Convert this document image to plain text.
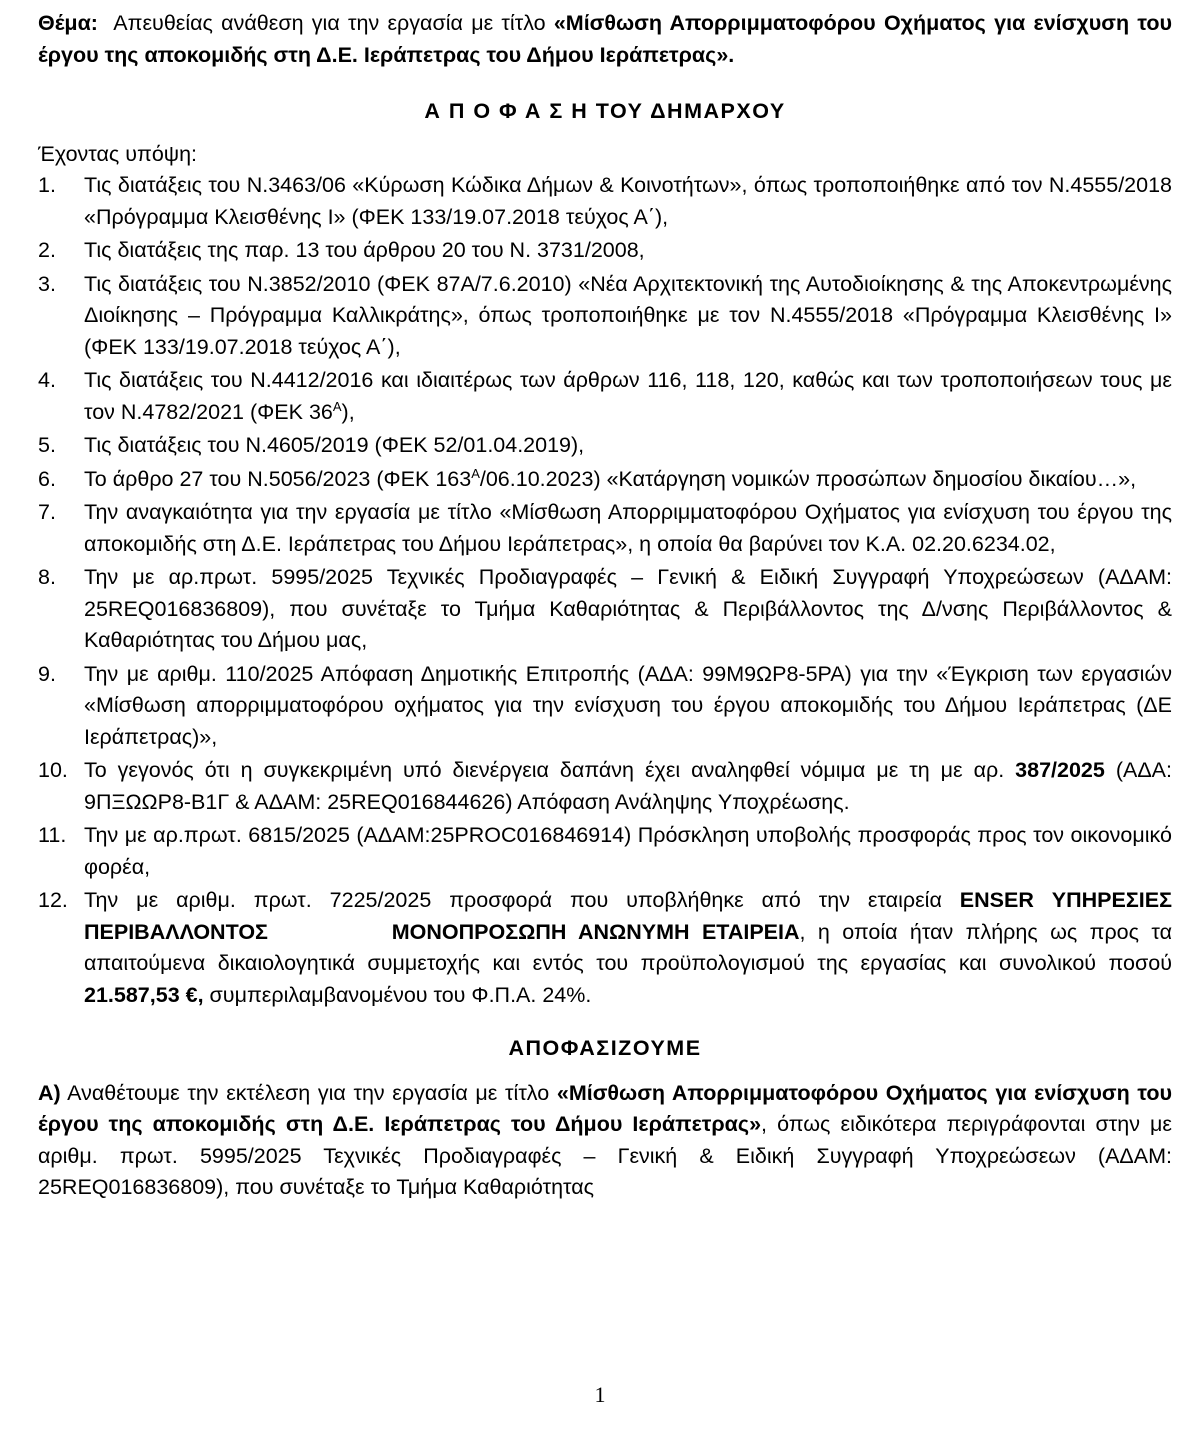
Θέμα: Απευθείας ανάθεση για την εργασία με τίτλο «Μίσθωση Απορριμματοφόρου Οχήματος για ενίσχυση του έργου της αποκομιδής στη Δ.Ε. Ιεράπετρας του Δήμου Ιεράπετρας».

Α Π Ο Φ Α Σ Η ΤΟΥ ΔΗΜΑΡΧΟΥ

Έχοντας υπόψη:

1.	Τις διατάξεις του Ν.3463/06 «Κύρωση Κώδικα Δήμων & Κοινοτήτων», όπως τροποποιήθηκε από τον Ν.4555/2018 «Πρόγραμμα Κλεισθένης Ι» (ΦΕΚ 133/19.07.2018 τεύχος Α΄),
2.	Τις διατάξεις της παρ. 13 του άρθρου 20 του Ν. 3731/2008,
3.	Τις διατάξεις του Ν.3852/2010 (ΦΕΚ 87Α/7.6.2010) «Νέα Αρχιτεκτονική της Αυτοδιοίκησης & της Αποκεντρωμένης Διοίκησης – Πρόγραμμα Καλλικράτης», όπως τροποποιήθηκε με τον Ν.4555/2018 «Πρόγραμμα Κλεισθένης Ι» (ΦΕΚ 133/19.07.2018 τεύχος Α΄),
4.	Τις διατάξεις του Ν.4412/2016 και ιδιαιτέρως των άρθρων 116, 118, 120, καθώς και των τροποποιήσεων τους με τον Ν.4782/2021 (ΦΕΚ $36^A$),
5.	Τις διατάξεις του Ν.4605/2019 (ΦΕΚ 52/01.04.2019),
6.	Το άρθρο 27 του Ν.5056/2023 (ΦΕΚ $163^A/06.10.2023$) «Κατάργηση νομικών προσώπων δημοσίου δικαίου…»,
7.	Την αναγκαιότητα για την εργασία με τίτλο «Μίσθωση Απορριμματοφόρου Οχήματος για ενίσχυση του έργου της αποκομιδής στη Δ.Ε. Ιεράπετρας του Δήμου Ιεράπετρας», η οποία θα βαρύνει τον Κ.Α. 02.20.6234.02,
8.	Την με αρ.πρωτ. 5995/2025 Τεχνικές Προδιαγραφές – Γενική & Ειδική Συγγραφή Υποχρεώσεων (ΑΔΑΜ: 25REQ016836809), που συνέταξε το Τμήμα Καθαριότητας & Περιβάλλοντος της Δ/νσης Περιβάλλοντος & Καθαριότητας του Δήμου μας,
9.	Την με αριθμ. 110/2025 Απόφαση Δημοτικής Επιτροπής (ΑΔΑ: 99Μ9ΩΡ8-5ΡΑ) για την «Έγκριση των εργασιών «Μίσθωση απορριμματοφόρου οχήματος για την ενίσχυση του έργου αποκομιδής του Δήμου Ιεράπετρας (ΔΕ Ιεράπετρας)»,
10. Το γεγονός ότι η συγκεκριμένη υπό διενέργεια δαπάνη έχει αναληφθεί νόμιμα με τη με αρ. 387/2025 (ΑΔΑ: 9ΠΞΩΩΡ8-Β1Γ & ΑΔΑΜ: 25REQ016844626) Απόφαση Ανάληψης Υποχρέωσης.
11. Την με αρ.πρωτ. 6815/2025 (ΑΔΑΜ:25PROC016846914) Πρόσκληση υποβολής προσφοράς προς τον οικονομικό φορέα,
12. Την με αριθμ. πρωτ. 7225/2025 προσφορά που υποβλήθηκε από την εταιρεία ENSER ΥΠΗΡΕΣΙΕΣ ΠΕΡΙΒΑΛΛΟΝΤΟΣ          ΜΟΝΟΠΡΟΣΩΠΗ ΑΝΩΝΥΜΗ ΕΤΑΙΡΕΙΑ, η οποία ήταν πλήρης ως προς τα απαιτούμενα δικαιολογητικά συμμετοχής και εντός του προϋπολογισμού της εργασίας και συνολικού ποσού 21.587,53 €, συμπεριλαμβανομένου του Φ.Π.Α. 24%.

ΑΠΟΦΑΣΙΖΟΥΜΕ

Α) Αναθέτουμε την εκτέλεση για την εργασία με τίτλο «Μίσθωση Απορριμματοφόρου Οχήματος για ενίσχυση του έργου της αποκομιδής στη Δ.Ε. Ιεράπετρας του Δήμου Ιεράπετρας», όπως ειδικότερα περιγράφονται στην με αριθμ. πρωτ. 5995/2025 Τεχνικές Προδιαγραφές – Γενική & Ειδική Συγγραφή Υποχρεώσεων (ΑΔΑΜ: 25REQ016836809), που συνέταξε το Τμήμα Καθαριότητας

1
